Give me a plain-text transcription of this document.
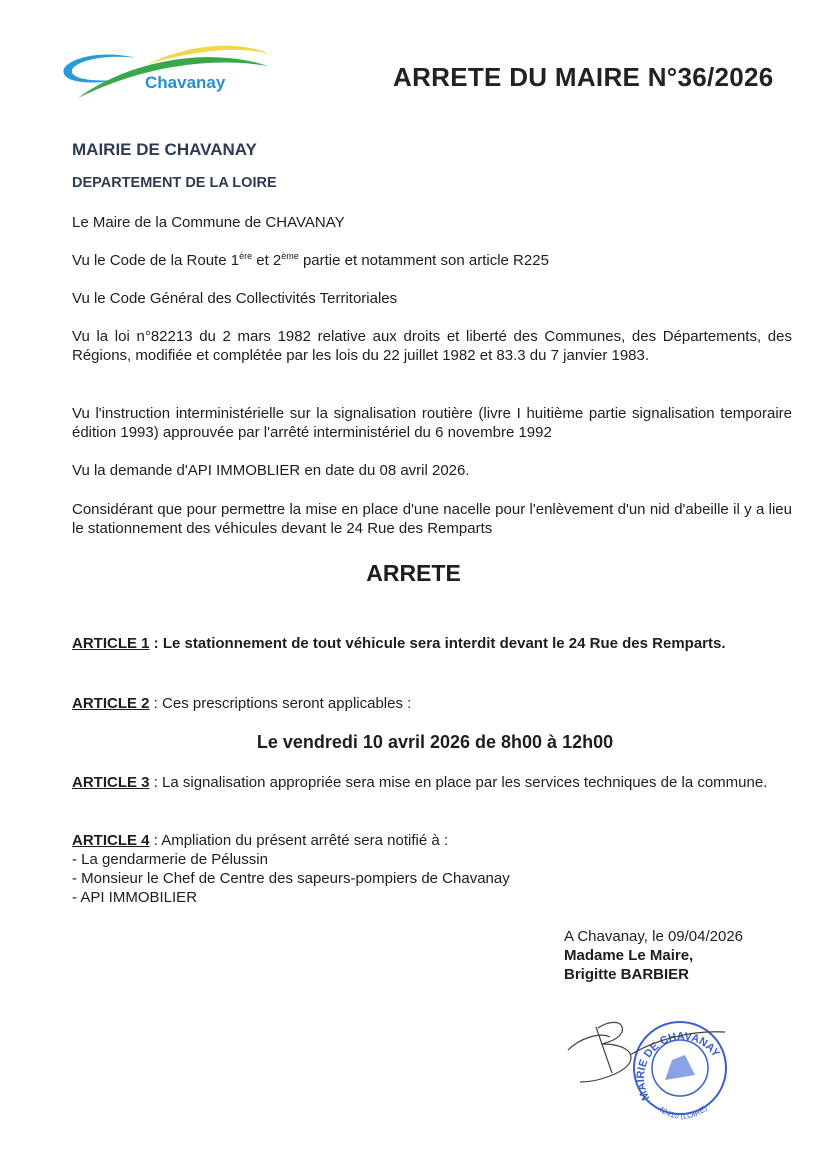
Chavanay	ARRETE DU MAIRE N°36/2026
MAIRIE DE CHAVANAY
DEPARTEMENT DE LA LOIRE
Le Maire de la Commune de CHAVANAY
Vu le Code de la Route 1ère et 2ème partie et notamment son article R225
Vu le Code Général des Collectivités Territoriales
Vu la loi n°82213 du 2 mars 1982 relative aux droits et liberté des Communes, des Départements, des Régions, modifiée et complétée par les lois du 22 juillet 1982 et 83.3 du 7 janvier 1983.
Vu l'instruction interministérielle sur la signalisation routière (livre I huitième partie signalisation temporaire édition 1993) approuvée par l'arrêté interministériel du 6 novembre 1992
Vu la demande d'API IMMOBLIER en date du 08 avril 2026.
Considérant que pour permettre la mise en place d'une nacelle pour l'enlèvement d'un nid d'abeille il y a lieu le stationnement des véhicules devant le 24 Rue des Remparts
ARRETE
ARTICLE 1 : Le stationnement de tout véhicule sera interdit devant le 24 Rue des Remparts.
ARTICLE 2 : Ces prescriptions seront applicables :
Le vendredi 10 avril 2026 de 8h00 à 12h00
ARTICLE 3 : La signalisation appropriée sera mise en place par les services techniques de la commune.
ARTICLE 4 : Ampliation du présent arrêté sera notifié à :
- La gendarmerie de Pélussin
- Monsieur le Chef de Centre des sapeurs-pompiers de Chavanay
- API IMMOBILIER
A Chavanay, le 09/04/2026
Madame Le Maire,
Brigitte BARBIER
MAIRIE DE CHAVANAY
42410 (LOIRE)
